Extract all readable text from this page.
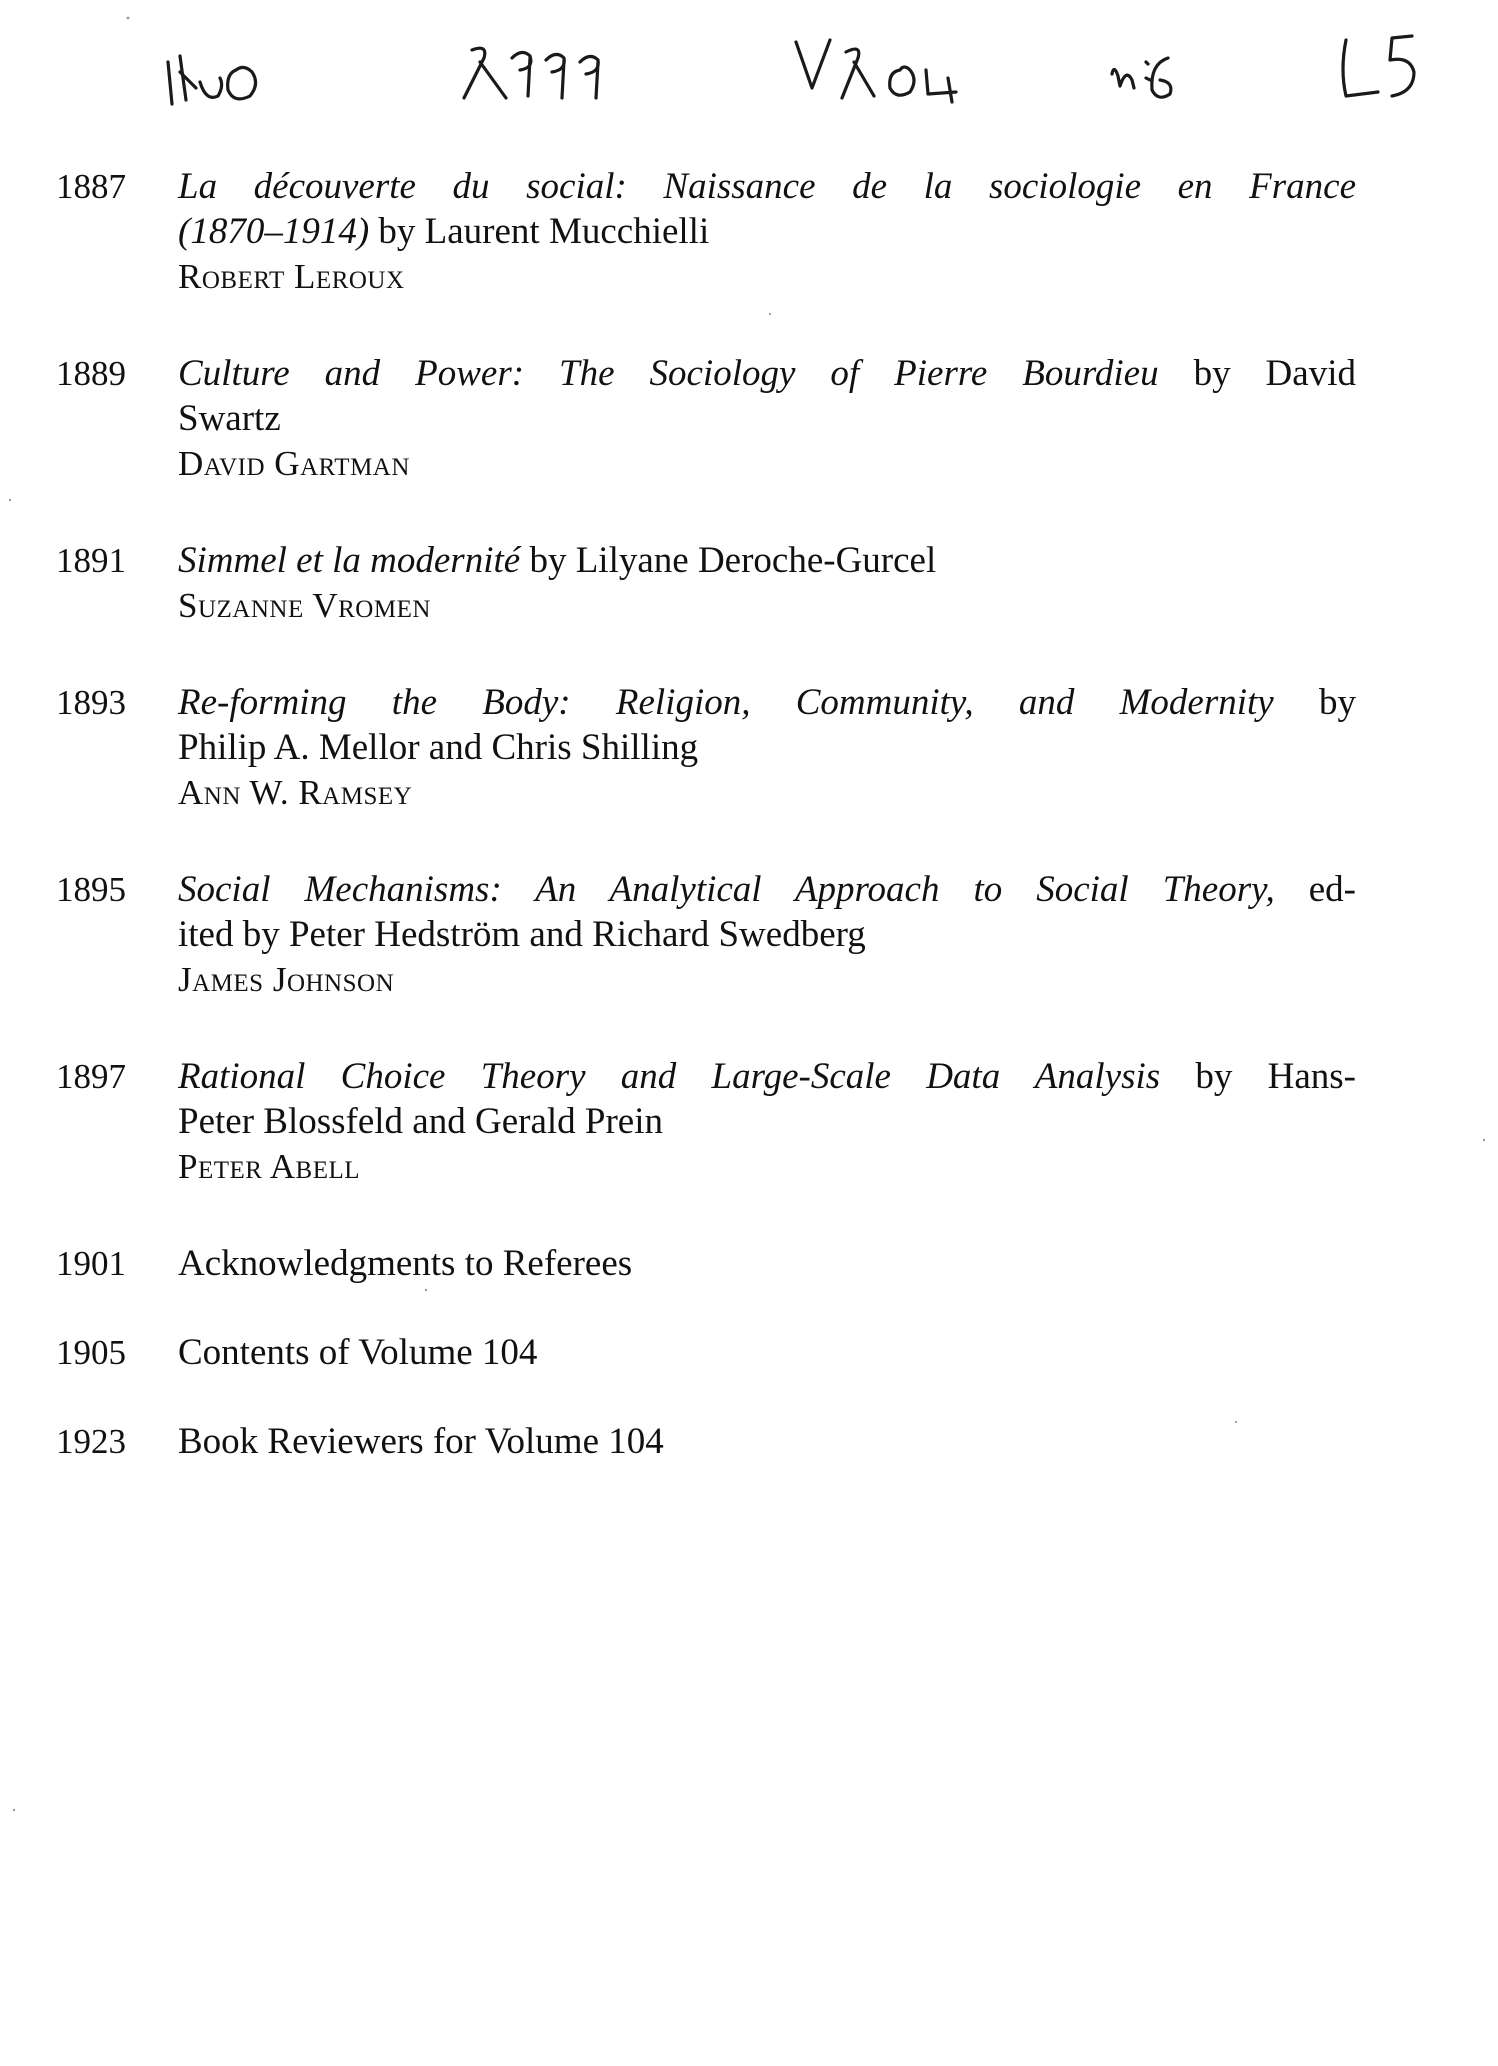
1887	La découverte du social: Naissance de la sociologie en France
(1870–1914) by Laurent Mucchielli
Robert Leroux
1889	Culture and Power: The Sociology of Pierre Bourdieu by David
Swartz
David Gartman
1891	Simmel et la modernité by Lilyane Deroche-Gurcel
Suzanne Vromen
1893	Re-forming the Body: Religion, Community, and Modernity by
Philip A. Mellor and Chris Shilling
Ann W. Ramsey
1895	Social Mechanisms: An Analytical Approach to Social Theory, ed-
ited by Peter Hedström and Richard Swedberg
James Johnson
1897	Rational Choice Theory and Large-Scale Data Analysis by Hans-
Peter Blossfeld and Gerald Prein
Peter Abell
1901	Acknowledgments to Referees
1905	Contents of Volume 104
1923	Book Reviewers for Volume 104
